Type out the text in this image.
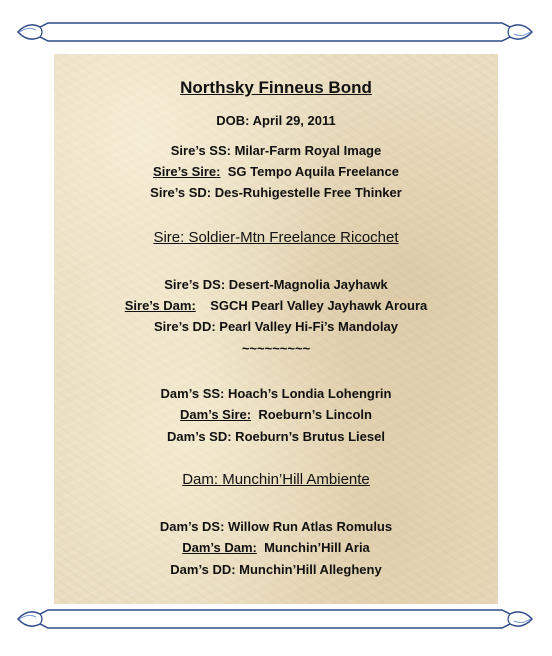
Northsky Finneus Bond
DOB: April 29, 2011
Sire’s SS: Milar-Farm Royal Image
Sire’s Sire: SG Tempo Aquila Freelance
Sire’s SD: Des-Ruhigestelle Free Thinker
Sire: Soldier-Mtn Freelance Ricochet
Sire’s DS: Desert-Magnolia Jayhawk
Sire’s Dam: SGCH Pearl Valley Jayhawk Aroura
Sire’s DD: Pearl Valley Hi-Fi’s Mandolay
~~~~~~~~~
Dam’s SS: Hoach’s Londia Lohengrin
Dam’s Sire: Roeburn’s Lincoln
Dam’s SD: Roeburn’s Brutus Liesel
Dam: Munchin’Hill Ambiente
Dam’s DS: Willow Run Atlas Romulus
Dam’s Dam: Munchin’Hill Aria
Dam’s DD: Munchin’Hill Allegheny
